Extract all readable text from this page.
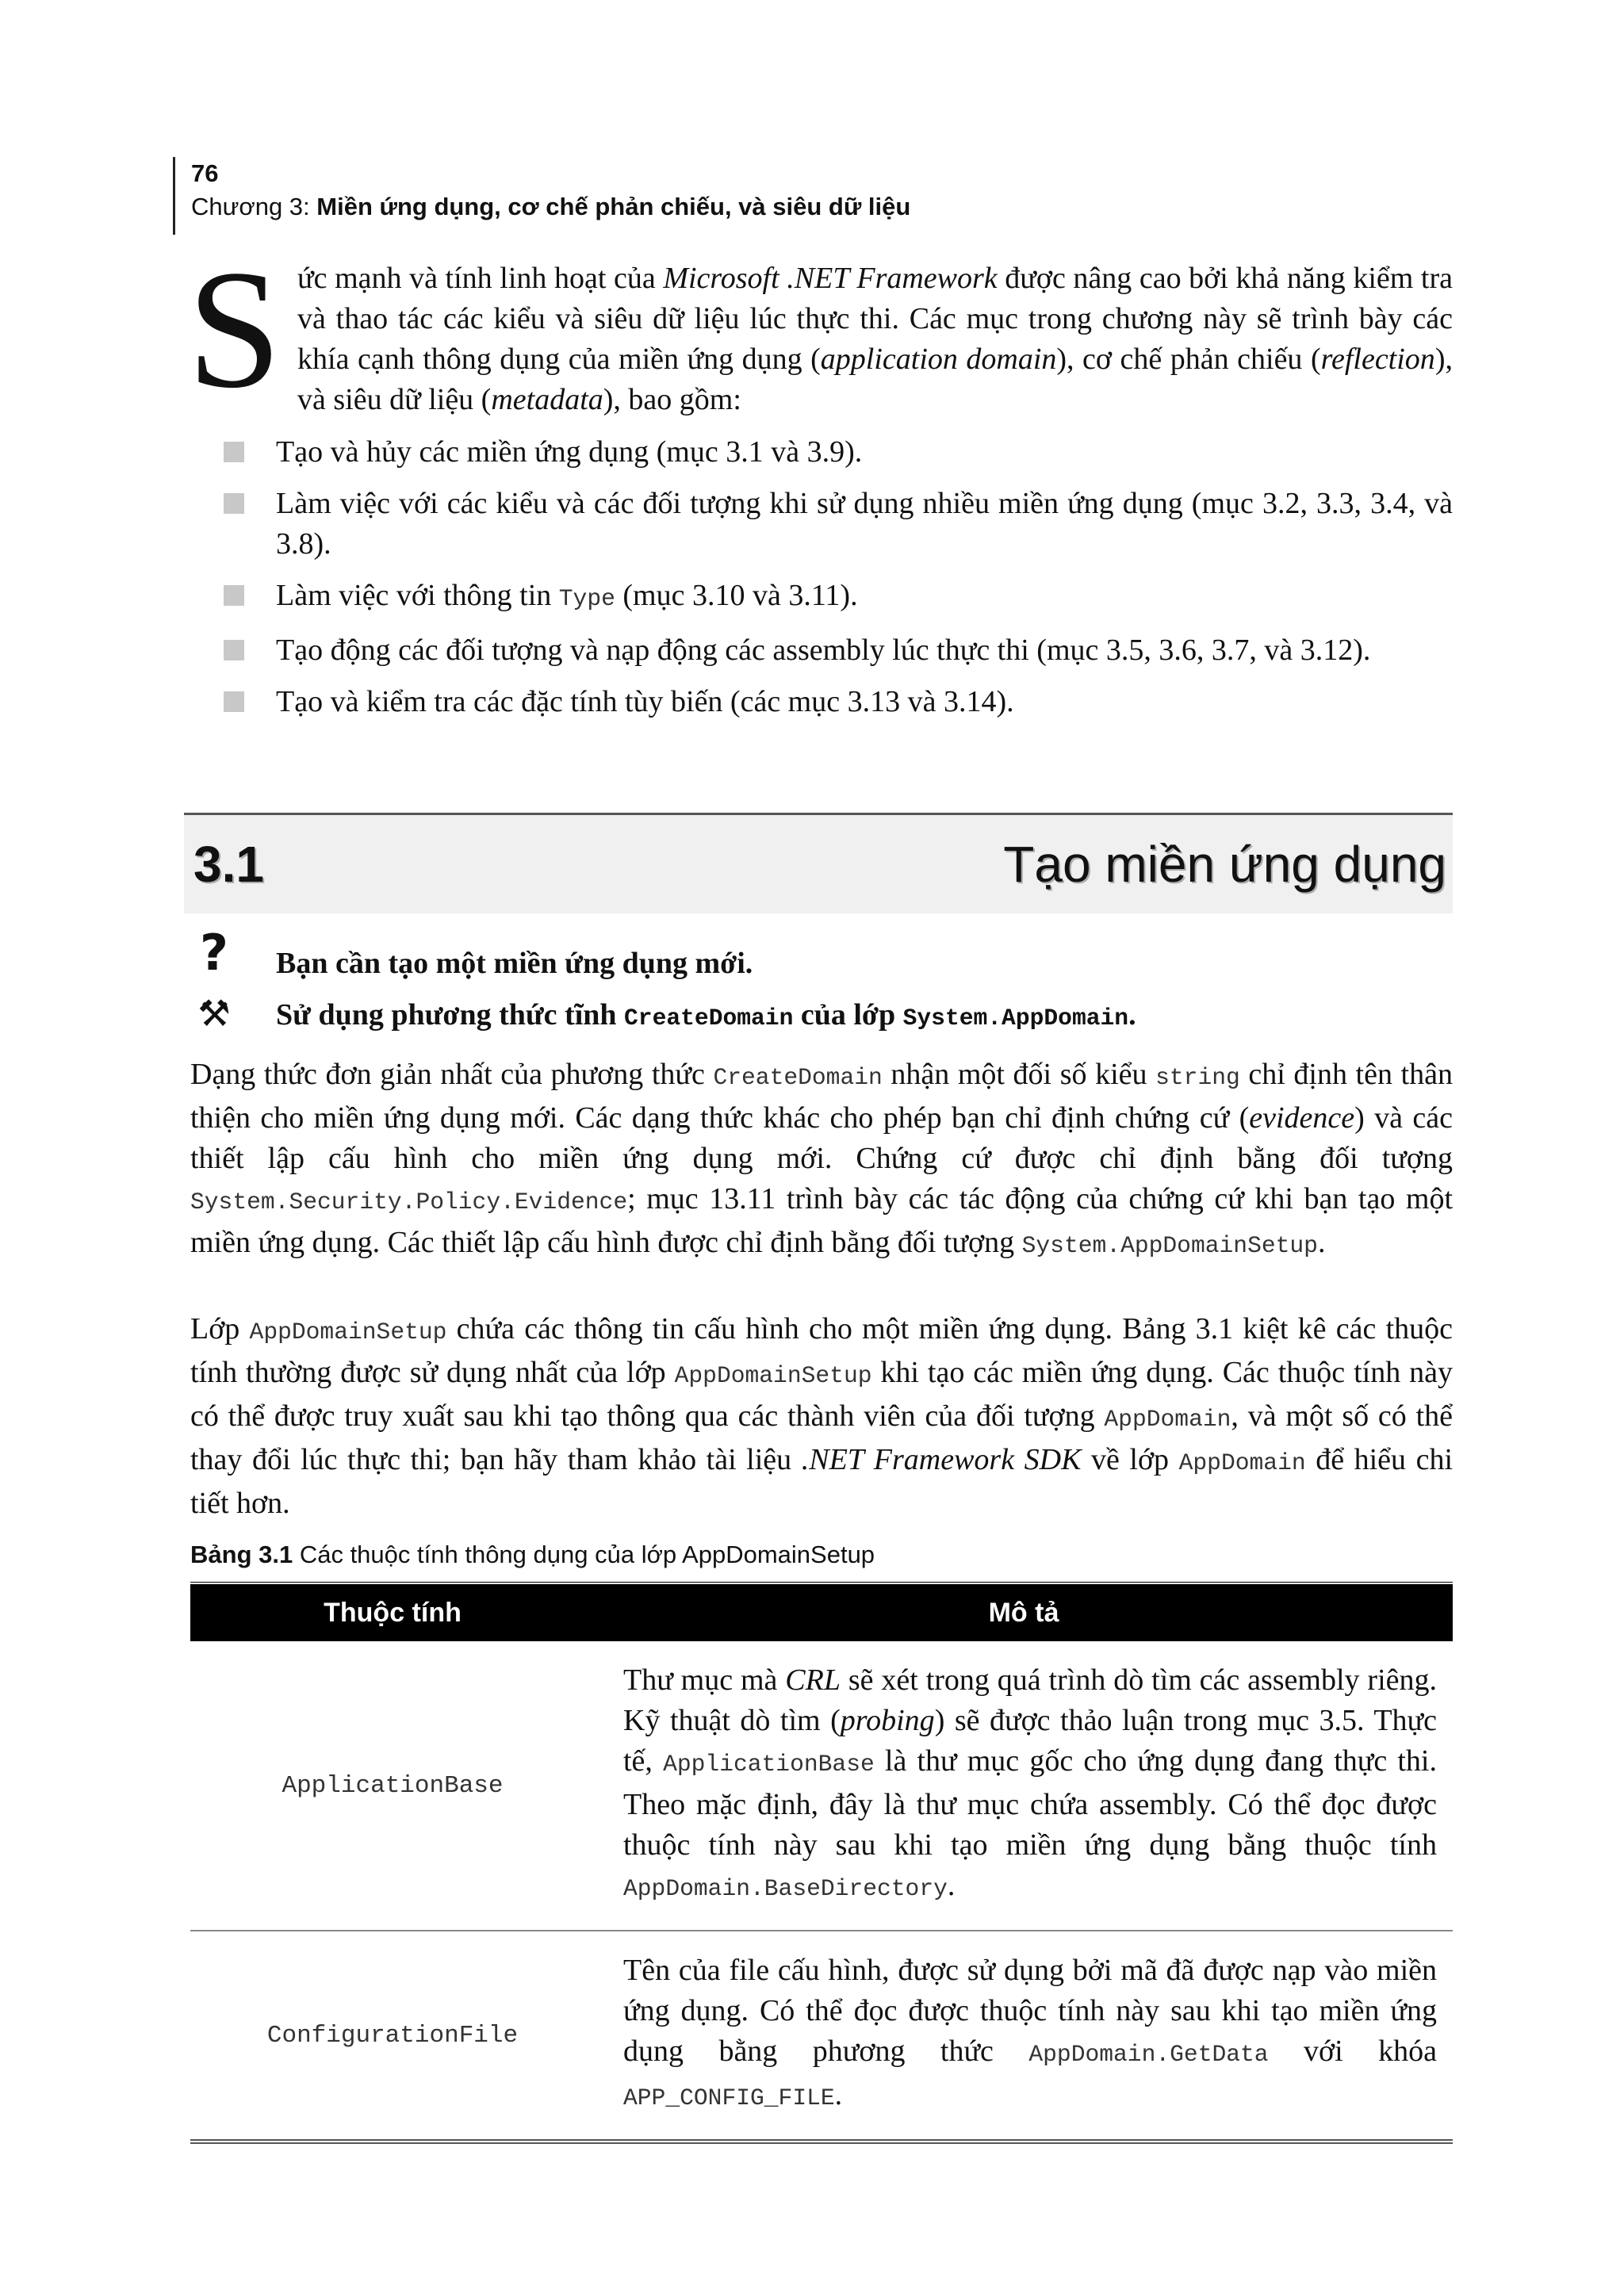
76
Chương 3: Miền ứng dụng, cơ chế phản chiếu, và siêu dữ liệu
Sức mạnh và tính linh hoạt của Microsoft .NET Framework được nâng cao bởi khả năng kiểm tra và thao tác các kiểu và siêu dữ liệu lúc thực thi. Các mục trong chương này sẽ trình bày các khía cạnh thông dụng của miền ứng dụng (application domain), cơ chế phản chiếu (reflection), và siêu dữ liệu (metadata), bao gồm:
Tạo và hủy các miền ứng dụng (mục 3.1 và 3.9).
Làm việc với các kiểu và các đối tượng khi sử dụng nhiều miền ứng dụng (mục 3.2, 3.3, 3.4, và 3.8).
Làm việc với thông tin Type (mục 3.10 và 3.11).
Tạo động các đối tượng và nạp động các assembly lúc thực thi (mục 3.5, 3.6, 3.7, và 3.12).
Tạo và kiểm tra các đặc tính tùy biến (các mục 3.13 và 3.14).
3.1	Tạo miền ứng dụng
?	Bạn cần tạo một miền ứng dụng mới.
⚒ Sử dụng phương thức tĩnh CreateDomain của lớp System.AppDomain.
Dạng thức đơn giản nhất của phương thức CreateDomain nhận một đối số kiểu string chỉ định tên thân thiện cho miền ứng dụng mới. Các dạng thức khác cho phép bạn chỉ định chứng cứ (evidence) và các thiết lập cấu hình cho miền ứng dụng mới. Chứng cứ được chỉ định bằng đối tượng System.Security.Policy.Evidence; mục 13.11 trình bày các tác động của chứng cứ khi bạn tạo một miền ứng dụng. Các thiết lập cấu hình được chỉ định bằng đối tượng System.AppDomainSetup.
Lớp AppDomainSetup chứa các thông tin cấu hình cho một miền ứng dụng. Bảng 3.1 kiệt kê các thuộc tính thường được sử dụng nhất của lớp AppDomainSetup khi tạo các miền ứng dụng. Các thuộc tính này có thể được truy xuất sau khi tạo thông qua các thành viên của đối tượng AppDomain, và một số có thể thay đổi lúc thực thi; bạn hãy tham khảo tài liệu .NET Framework SDK về lớp AppDomain để hiểu chi tiết hơn.
Bảng 3.1 Các thuộc tính thông dụng của lớp AppDomainSetup
Thuộc tính	Mô tả
ApplicationBase	Thư mục mà CRL sẽ xét trong quá trình dò tìm các assembly riêng. Kỹ thuật dò tìm (probing) sẽ được thảo luận trong mục 3.5. Thực tế, ApplicationBase là thư mục gốc cho ứng dụng đang thực thi. Theo mặc định, đây là thư mục chứa assembly. Có thể đọc được thuộc tính này sau khi tạo miền ứng dụng bằng thuộc tính AppDomain.BaseDirectory.
ConfigurationFile	Tên của file cấu hình, được sử dụng bởi mã đã được nạp vào miền ứng dụng. Có thể đọc được thuộc tính này sau khi tạo miền ứng dụng bằng phương thức AppDomain.GetData với khóa APP_CONFIG_FILE.
